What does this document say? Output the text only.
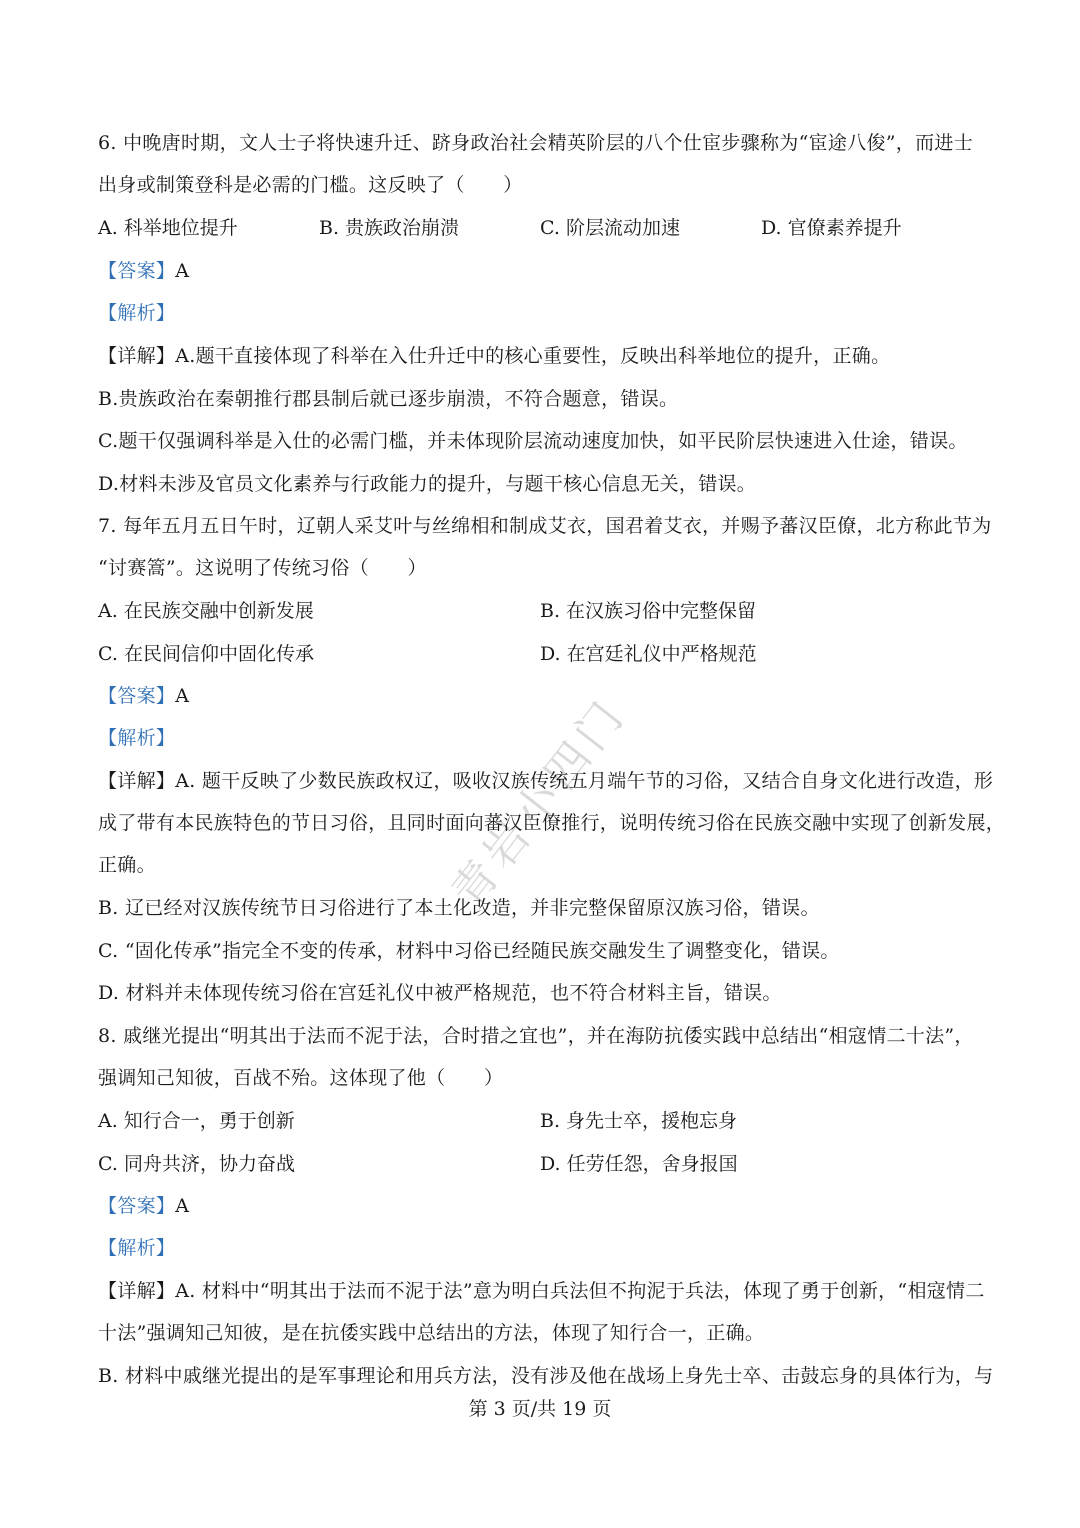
青岩小四门
6. 中晚唐时期，文人士子将快速升迁、跻身政治社会精英阶层的八个仕宦步骤称为“宦途八俊”，而进士
出身或制策登科是必需的门槛。这反映了（　　）
A. 科举地位提升	B. 贵族政治崩溃	C. 阶层流动加速	D. 官僚素养提升
【答案】A
【解析】
【详解】A.题干直接体现了科举在入仕升迁中的核心重要性，反映出科举地位的提升，正确。
B.贵族政治在秦朝推行郡县制后就已逐步崩溃，不符合题意，错误。
C.题干仅强调科举是入仕的必需门槛，并未体现阶层流动速度加快，如平民阶层快速进入仕途，错误。
D.材料未涉及官员文化素养与行政能力的提升，与题干核心信息无关，错误。
7. 每年五月五日午时，辽朝人采艾叶与丝绵相和制成艾衣，国君着艾衣，并赐予蕃汉臣僚，北方称此节为
“讨赛篙”。这说明了传统习俗（　　）
A. 在民族交融中创新发展	B. 在汉族习俗中完整保留
C. 在民间信仰中固化传承	D. 在宫廷礼仪中严格规范
【答案】A
【解析】
【详解】A. 题干反映了少数民族政权辽，吸收汉族传统五月端午节的习俗，又结合自身文化进行改造，形
成了带有本民族特色的节日习俗，且同时面向蕃汉臣僚推行，说明传统习俗在民族交融中实现了创新发展，
正确。
B. 辽已经对汉族传统节日习俗进行了本土化改造，并非完整保留原汉族习俗，错误。
C. “固化传承”指完全不变的传承，材料中习俗已经随民族交融发生了调整变化，错误。
D. 材料并未体现传统习俗在宫廷礼仪中被严格规范，也不符合材料主旨，错误。
8. 戚继光提出“明其出于法而不泥于法，合时措之宜也”，并在海防抗倭实践中总结出“相寇情二十法”，
强调知己知彼，百战不殆。这体现了他（　　）
A. 知行合一，勇于创新	B. 身先士卒，援枹忘身
C. 同舟共济，协力奋战	D. 任劳任怨，舍身报国
【答案】A
【解析】
【详解】A. 材料中“明其出于法而不泥于法”意为明白兵法但不拘泥于兵法，体现了勇于创新，“相寇情二
十法”强调知己知彼，是在抗倭实践中总结出的方法，体现了知行合一，正确。
B. 材料中戚继光提出的是军事理论和用兵方法，没有涉及他在战场上身先士卒、击鼓忘身的具体行为，与
第 3 页/共 19 页
